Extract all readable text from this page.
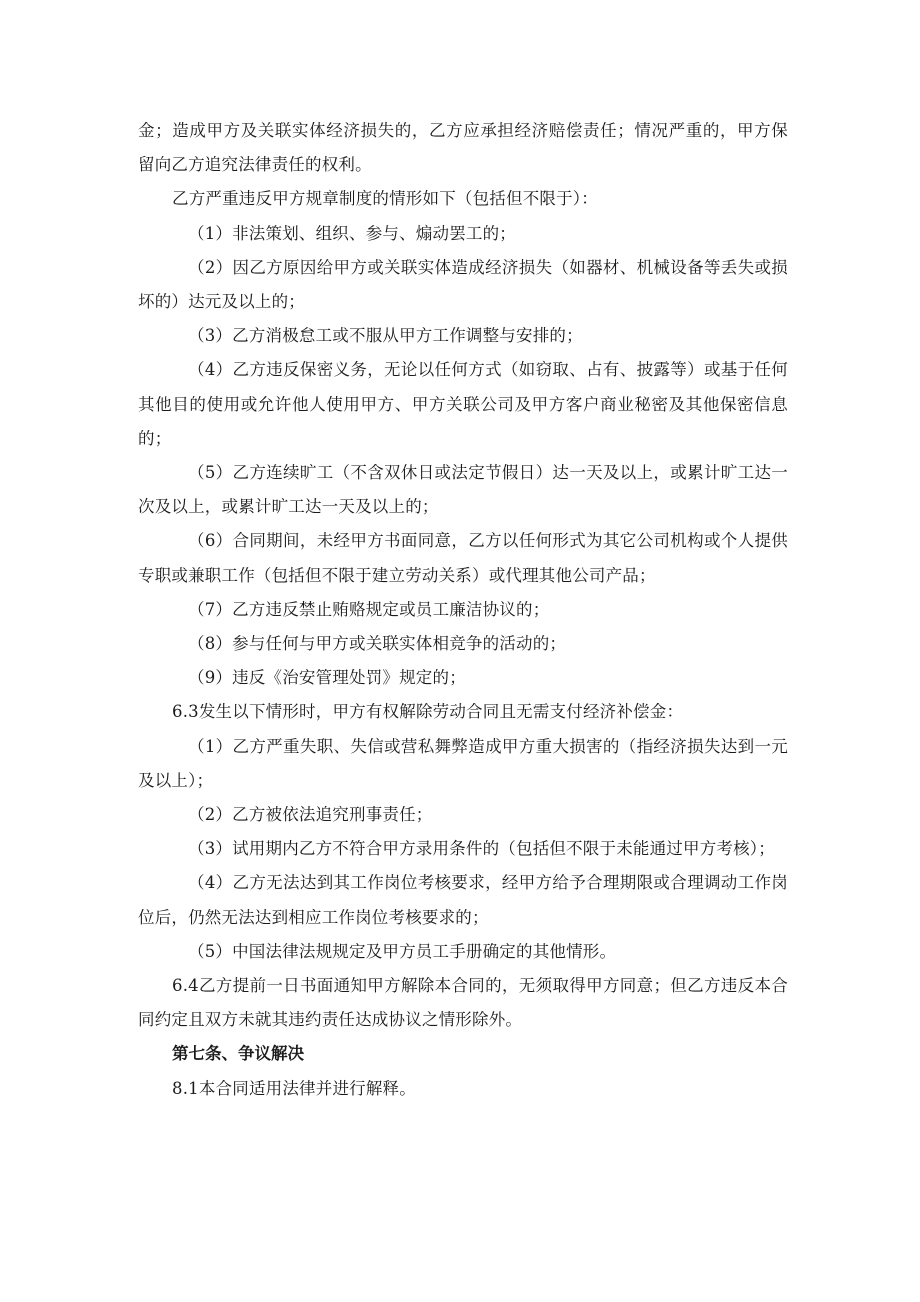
金；造成甲方及关联实体经济损失的，乙方应承担经济赔偿责任；情况严重的，甲方保留向乙方追究法律责任的权利。

乙方严重违反甲方规章制度的情形如下（包括但不限于）：

（1）非法策划、组织、参与、煽动罢工的；

（2）因乙方原因给甲方或关联实体造成经济损失（如器材、机械设备等丢失或损坏的）达元及以上的；

（3）乙方消极怠工或不服从甲方工作调整与安排的；

（4）乙方违反保密义务，无论以任何方式（如窃取、占有、披露等）或基于任何其他目的使用或允许他人使用甲方、甲方关联公司及甲方客户商业秘密及其他保密信息的；

（5）乙方连续旷工（不含双休日或法定节假日）达一天及以上，或累计旷工达一次及以上，或累计旷工达一天及以上的；

（6）合同期间，未经甲方书面同意，乙方以任何形式为其它公司机构或个人提供专职或兼职工作（包括但不限于建立劳动关系）或代理其他公司产品；

（7）乙方违反禁止贿赂规定或员工廉洁协议的；

（8）参与任何与甲方或关联实体相竞争的活动的；

（9）违反《治安管理处罚》规定的；

6.3发生以下情形时，甲方有权解除劳动合同且无需支付经济补偿金：

（1）乙方严重失职、失信或营私舞弊造成甲方重大损害的（指经济损失达到一元及以上）；

（2）乙方被依法追究刑事责任；

（3）试用期内乙方不符合甲方录用条件的（包括但不限于未能通过甲方考核）；

（4）乙方无法达到其工作岗位考核要求，经甲方给予合理期限或合理调动工作岗位后，仍然无法达到相应工作岗位考核要求的；

（5）中国法律法规规定及甲方员工手册确定的其他情形。

6.4乙方提前一日书面通知甲方解除本合同的，无须取得甲方同意；但乙方违反本合同约定且双方未就其违约责任达成协议之情形除外。

第七条、争议解决

8.1本合同适用法律并进行解释。
